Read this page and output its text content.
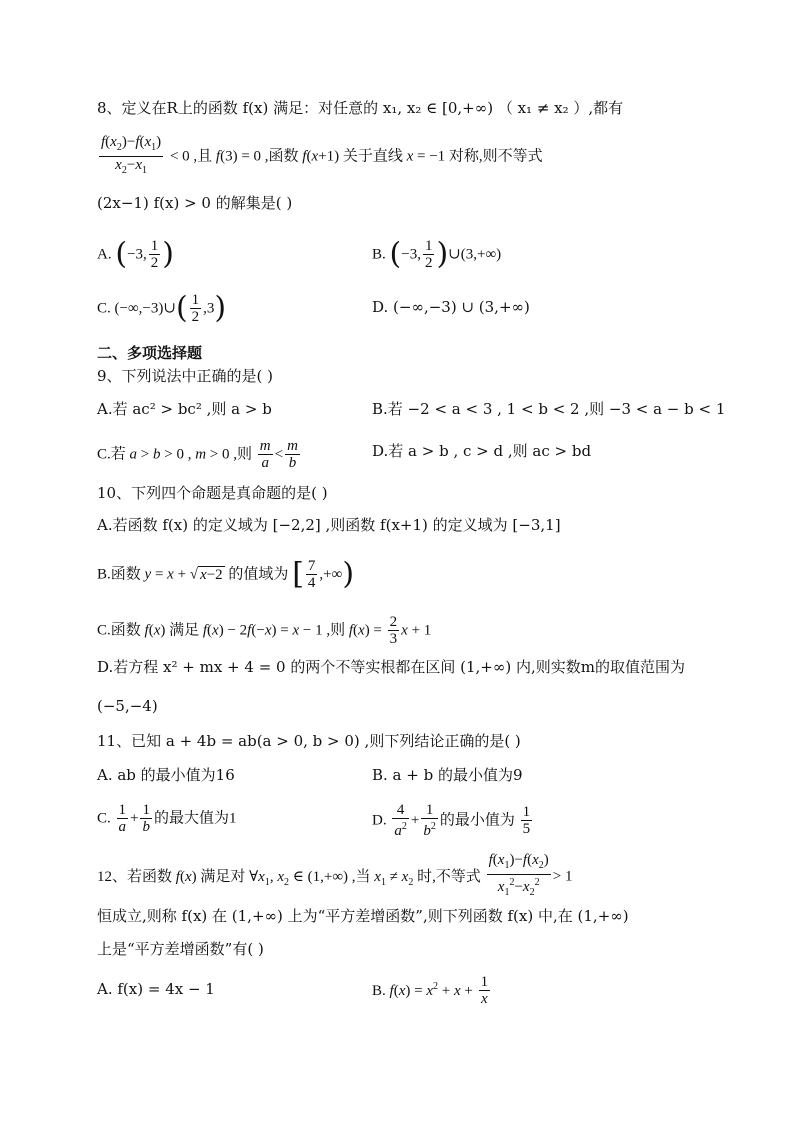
8、定义在R上的函数 f(x) 满足：对任意的 x₁, x₂ ∈ [0,+∞) （ x₁ ≠ x₂ ）,都有
$\frac{f(x_2)-f(x_1)}{x_2-x_1} < 0$ ,且 f(3) = 0 ,函数 f(x+1) 关于直线 x = −1 对称,则不等式
(2x−1) f(x) > 0 的解集是( )
A. (−3, $\frac{1}{2}$ )	B. (−3, $\frac{1}{2}$ )∪(3,+∞)
C. (−∞,−3)∪( $\frac{1}{2} ,3$)	D. (−∞,−3) ∪ (3,+∞)
二、多项选择题
9、下列说法中正确的是( )
A.若 ac² > bc² ,则 a > b	B.若 −2 < a < 3 , 1 < b < 2 ,则 −3 < a − b < 1
C.若 a > b > 0 , m > 0 ,则 $\frac{m}{a} < \frac{m}{b}$	D.若 a > b , c > d ,则 ac > bd
10、下列四个命题是真命题的是( )
A.若函数 f(x) 的定义域为 [−2,2] ,则函数 f(x+1) 的定义域为 [−3,1]
B.函数 y = x + √ x−2 的值域为 [ $\frac{7}{4}$ ,+∞)
C.函数 f(x) 满足 f(x) − 2f(−x) = x − 1 ,则 $f(x) = \frac{2}{3}$ x + 1
D.若方程 x² + mx + 4 = 0 的两个不等实根都在区间 (1,+∞) 内,则实数m的取值范围为
(−5,−4)
11、已知 a + 4b = ab(a > 0, b > 0) ,则下列结论正确的是( )
A. ab 的最小值为16	B. a + b 的最小值为9
C. $\frac{1}{a} + \frac{1}{b}$ 的最大值为1	D. $\frac{4}{a^2} + \frac{1}{b^2}$ 的最小值为 $\frac{1}{5}$
12、若函数 f(x) 满足对 $\forall x_1$, $x_2$ ∈ (1,+∞) ,当 $x_1 \ne x_2$ 时,不等式 $\frac{f(x_1)-f(x_2)}{x_1^2-x_2^2} > 1$
恒成立,则称 f(x) 在 (1,+∞) 上为“平方差增函数”,则下列函数 f(x) 中,在 (1,+∞)
上是“平方差增函数”有( )
A. f(x) = 4x − 1	B. $f(x) = x^2 + x + \frac{1}{x}$
